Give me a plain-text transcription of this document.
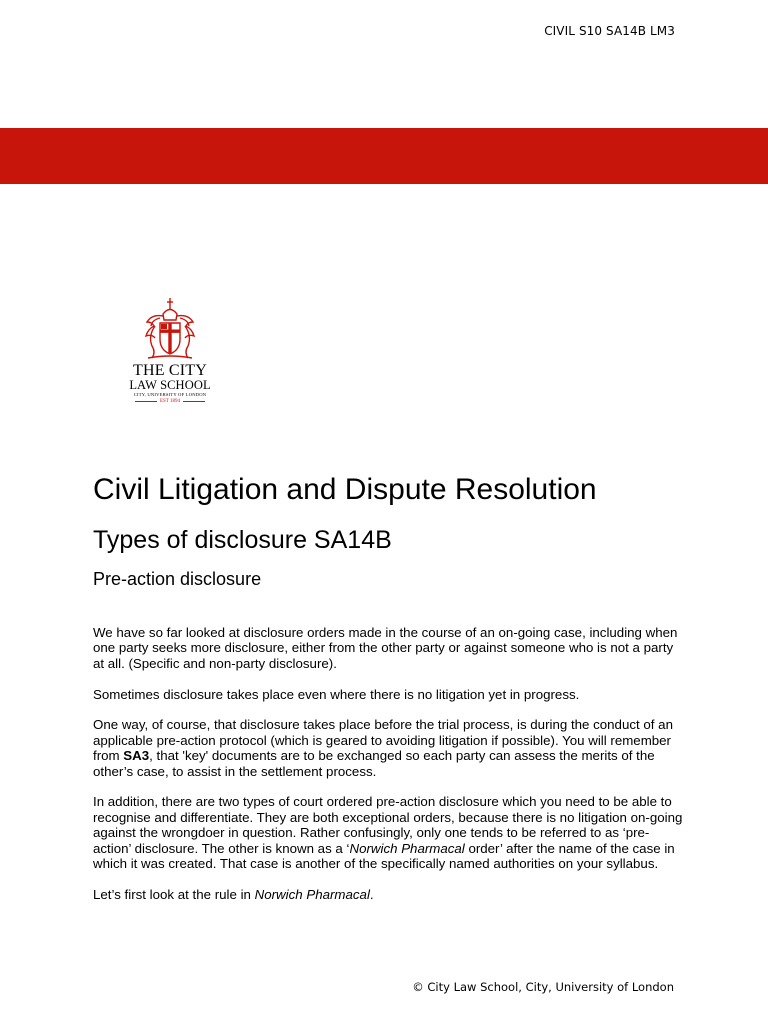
CIVIL S10 SA14B LM3
THE CITY
LAW SCHOOL
CITY, UNIVERSITY OF LONDON
EST 1894
Civil Litigation and Dispute Resolution
Types of disclosure SA14B
Pre-action disclosure

We have so far looked at disclosure orders made in the course of an on-going case, including when one party seeks more disclosure, either from the other party or against someone who is not a party at all. (Specific and non-party disclosure).

Sometimes disclosure takes place even where there is no litigation yet in progress.

One way, of course, that disclosure takes place before the trial process, is during the conduct of an applicable pre-action protocol (which is geared to avoiding litigation if possible). You will remember from SA3, that 'key' documents are to be exchanged so each party can assess the merits of the other’s case, to assist in the settlement process.

In addition, there are two types of court ordered pre-action disclosure which you need to be able to recognise and differentiate. They are both exceptional orders, because there is no litigation on-going against the wrongdoer in question. Rather confusingly, only one tends to be referred to as ‘pre-action’ disclosure. The other is known as a ‘Norwich Pharmacal order’ after the name of the case in which it was created. That case is another of the specifically named authorities on your syllabus.

Let’s first look at the rule in Norwich Pharmacal.

© City Law School, City, University of London
